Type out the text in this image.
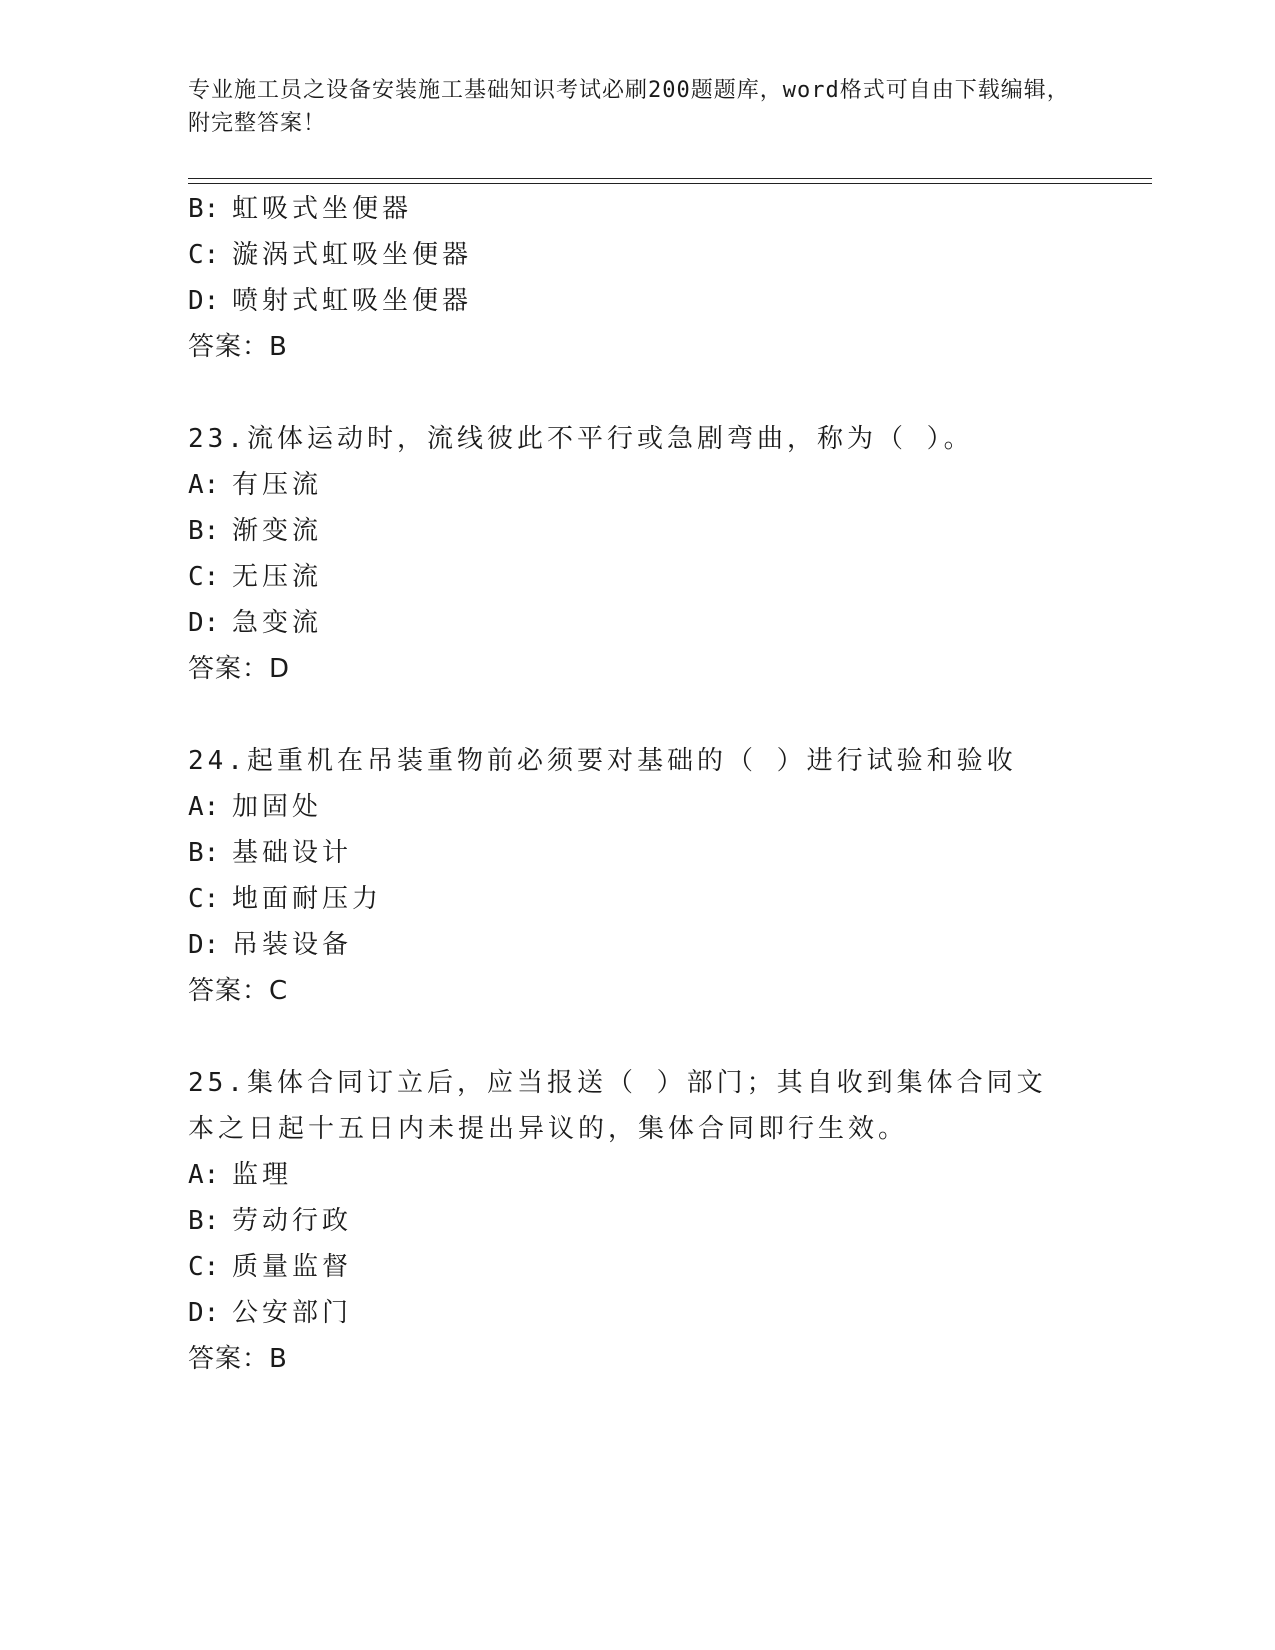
专业施工员之设备安装施工基础知识考试必刷200题题库，word格式可自由下载编辑，附完整答案！
B: 虹吸式坐便器
C: 漩涡式虹吸坐便器
D: 喷射式虹吸坐便器
答案：B
23.流体运动时，流线彼此不平行或急剧弯曲，称为（ ）。
A: 有压流
B: 渐变流
C: 无压流
D: 急变流
答案：D
24.起重机在吊装重物前必须要对基础的（ ）进行试验和验收
A: 加固处
B: 基础设计
C: 地面耐压力
D: 吊装设备
答案：C
25.集体合同订立后，应当报送（ ）部门；其自收到集体合同文本之日起十五日内未提出异议的，集体合同即行生效。
A: 监理
B: 劳动行政
C: 质量监督
D: 公安部门
答案：B
